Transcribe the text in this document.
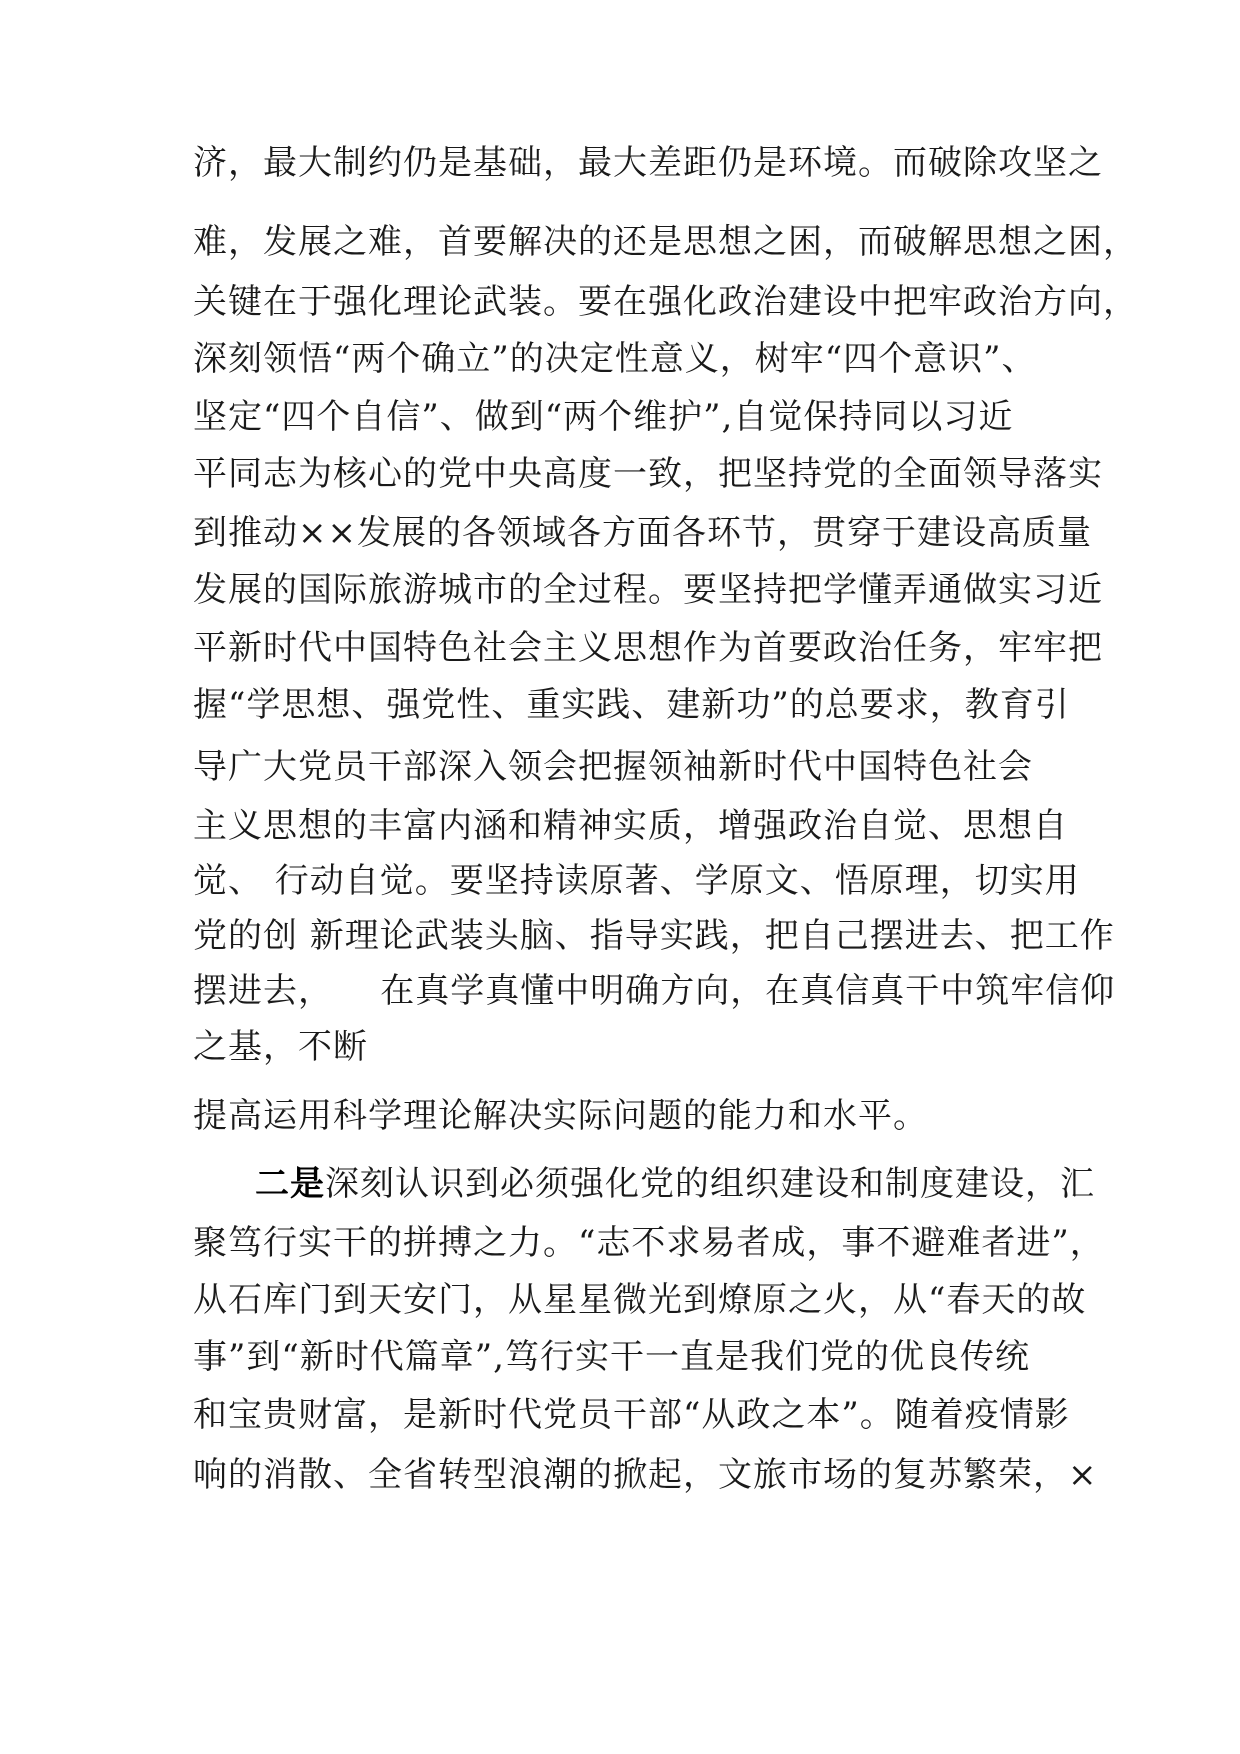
济，最大制约仍是基础，最大差距仍是环境。而破除攻坚之
难，发展之难，首要解决的还是思想之困，而破解思想之困，
关键在于强化理论武装。要在强化政治建设中把牢政治方向，
深刻领悟“两个确立”的决定性意义，树牢“四个意识”、
坚定“四个自信”、做到“两个维护”,自觉保持同以习近
平同志为核心的党中央高度一致，把坚持党的全面领导落实
到推动××发展的各领域各方面各环节，贯穿于建设高质量
发展的国际旅游城市的全过程。要坚持把学懂弄通做实习近
平新时代中国特色社会主义思想作为首要政治任务，牢牢把
握“学思想、强党性、重实践、建新功”的总要求，教育引
导广大党员干部深入领会把握领袖新时代中国特色社会
主义思想的丰富内涵和精神实质，增强政治自觉、思想自
觉、 行动自觉。要坚持读原著、学原文、悟原理，切实用
党的创 新理论武装头脑、指导实践，把自己摆进去、把工作
摆进去，    在真学真懂中明确方向，在真信真干中筑牢信仰
之基，不断
提高运用科学理论解决实际问题的能力和水平。
二是深刻认识到必须强化党的组织建设和制度建设，汇
聚笃行实干的拼搏之力。“志不求易者成，事不避难者进”，
从石库门到天安门，从星星微光到燎原之火，从“春天的故
事”到“新时代篇章”,笃行实干一直是我们党的优良传统
和宝贵财富，是新时代党员干部“从政之本”。随着疫情影
响的消散、全省转型浪潮的掀起，文旅市场的复苏繁荣，×
